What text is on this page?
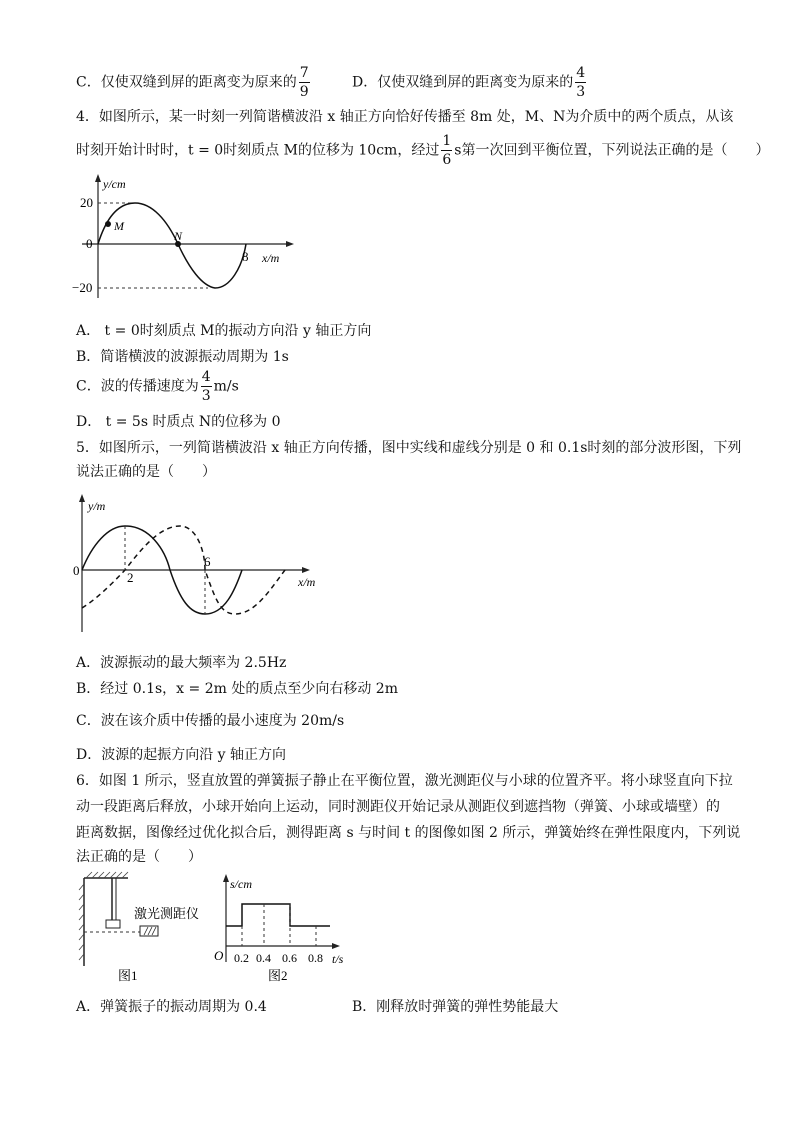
C．仅使双缝到屏的距离变为原来的 $\frac{7}{9}$	D．仅使双缝到屏的距离变为原来的 $\frac{4}{3}$
4．如图所示，某一时刻一列简谐横波沿 x 轴正方向恰好传播至 8m 处，M、N为介质中的两个质点，从该
时刻开始计时时，t = 0时刻质点 M的位移为 10cm，经过 $\frac{1}{6}$ s第一次回到平衡位置，下列说法正确的是（　　）
y/cm
x/m
20
−20
0
8
M
N
A． t = 0时刻质点 M的振动方向沿 y 轴正方向
B．简谐横波的波源振动周期为 1s
C．波的传播速度为 $\frac{4}{3} m/s$
D． t = 5s 时质点 N的位移为 0
5．如图所示，一列简谐横波沿 x 轴正方向传播，图中实线和虚线分别是 0 和 0.1s时刻的部分波形图，下列
说法正确的是（　　）
y/m
x/m
0	2
6
A．波源振动的最大频率为 2.5Hz
B．经过 0.1s，x = 2m 处的质点至少向右移动 2m
C．波在该介质中传播的最小速度为 20m/s
D．波源的起振方向沿 y 轴正方向
6．如图 1 所示，竖直放置的弹簧振子静止在平衡位置，激光测距仪与小球的位置齐平。将小球竖直向下拉
动一段距离后释放，小球开始向上运动，同时测距仪开始记录从测距仪到遮挡物（弹簧、小球或墙壁）的
距离数据，图像经过优化拟合后，测得距离 s 与时间 t 的图像如图 2 所示，弹簧始终在弹性限度内，下列说
法正确的是（　　）
激光测距仪
图1
s/cm
t/s
O 0.2 0.4 0.6 0.8
图2
A．弹簧振子的振动周期为 0.4	B．刚释放时弹簧的弹性势能最大
